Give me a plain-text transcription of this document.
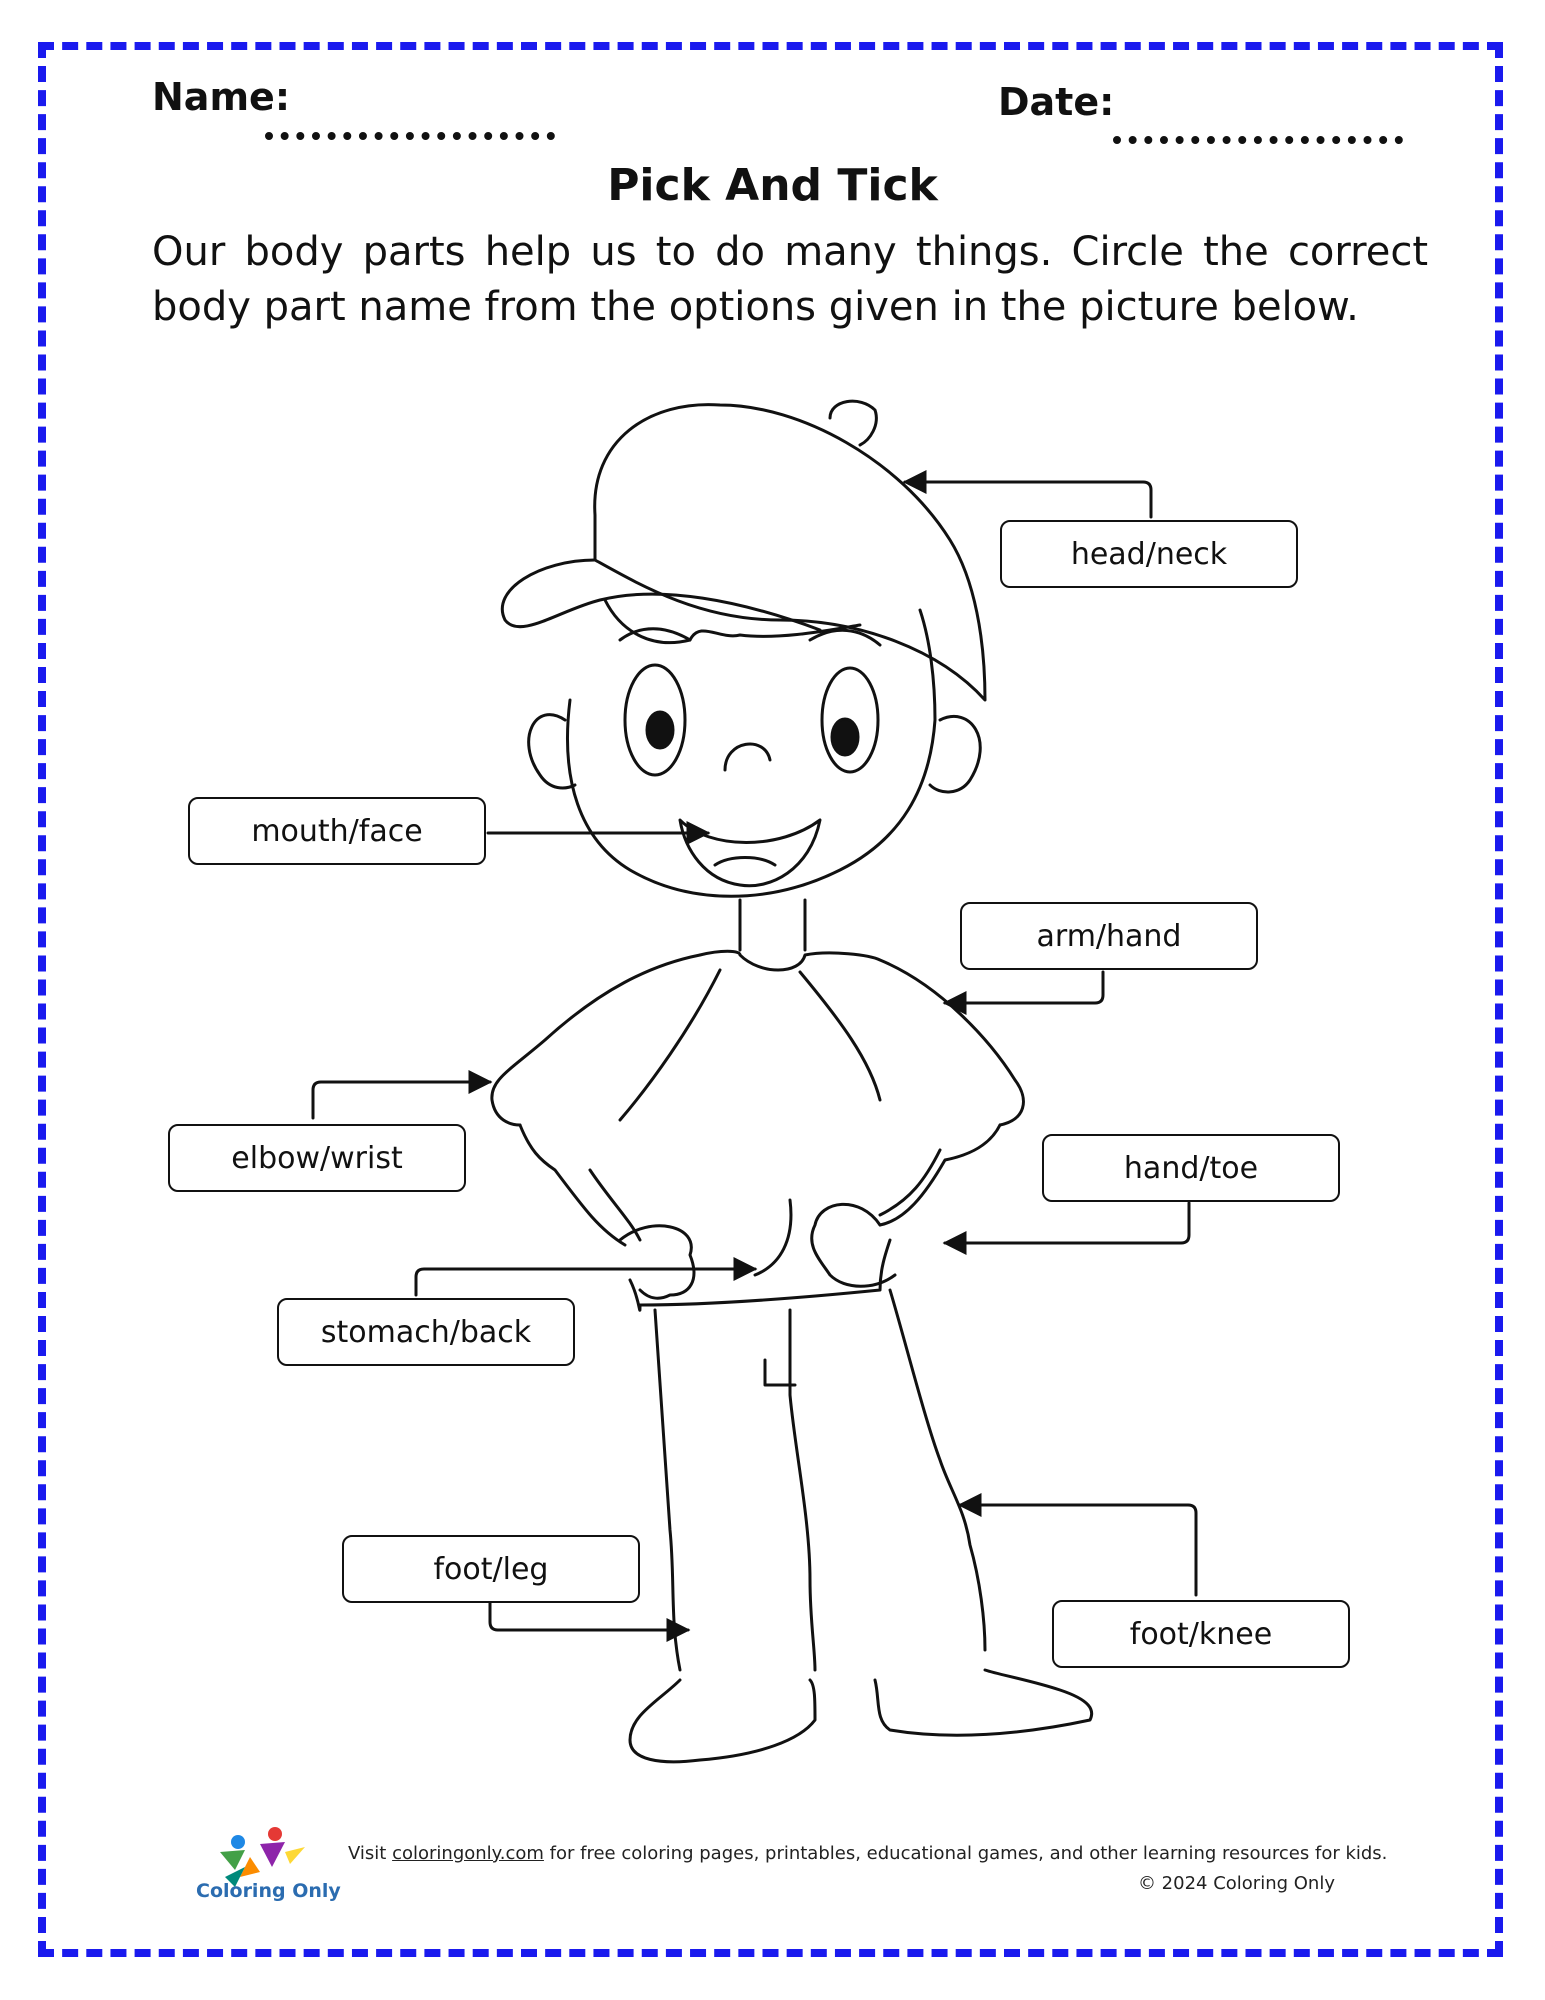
Name:	Date:
Pick And Tick
Our body parts help us to do many things. Circle the correct body part name from the options given in the picture below.
head/neck
mouth/face
arm/hand
elbow/wrist	hand/toe
stomach/back
foot/leg
foot/knee
Coloring Only
Visit coloringonly.com for free coloring pages, printables, educational games, and other learning resources for kids.
© 2024 Coloring Only
